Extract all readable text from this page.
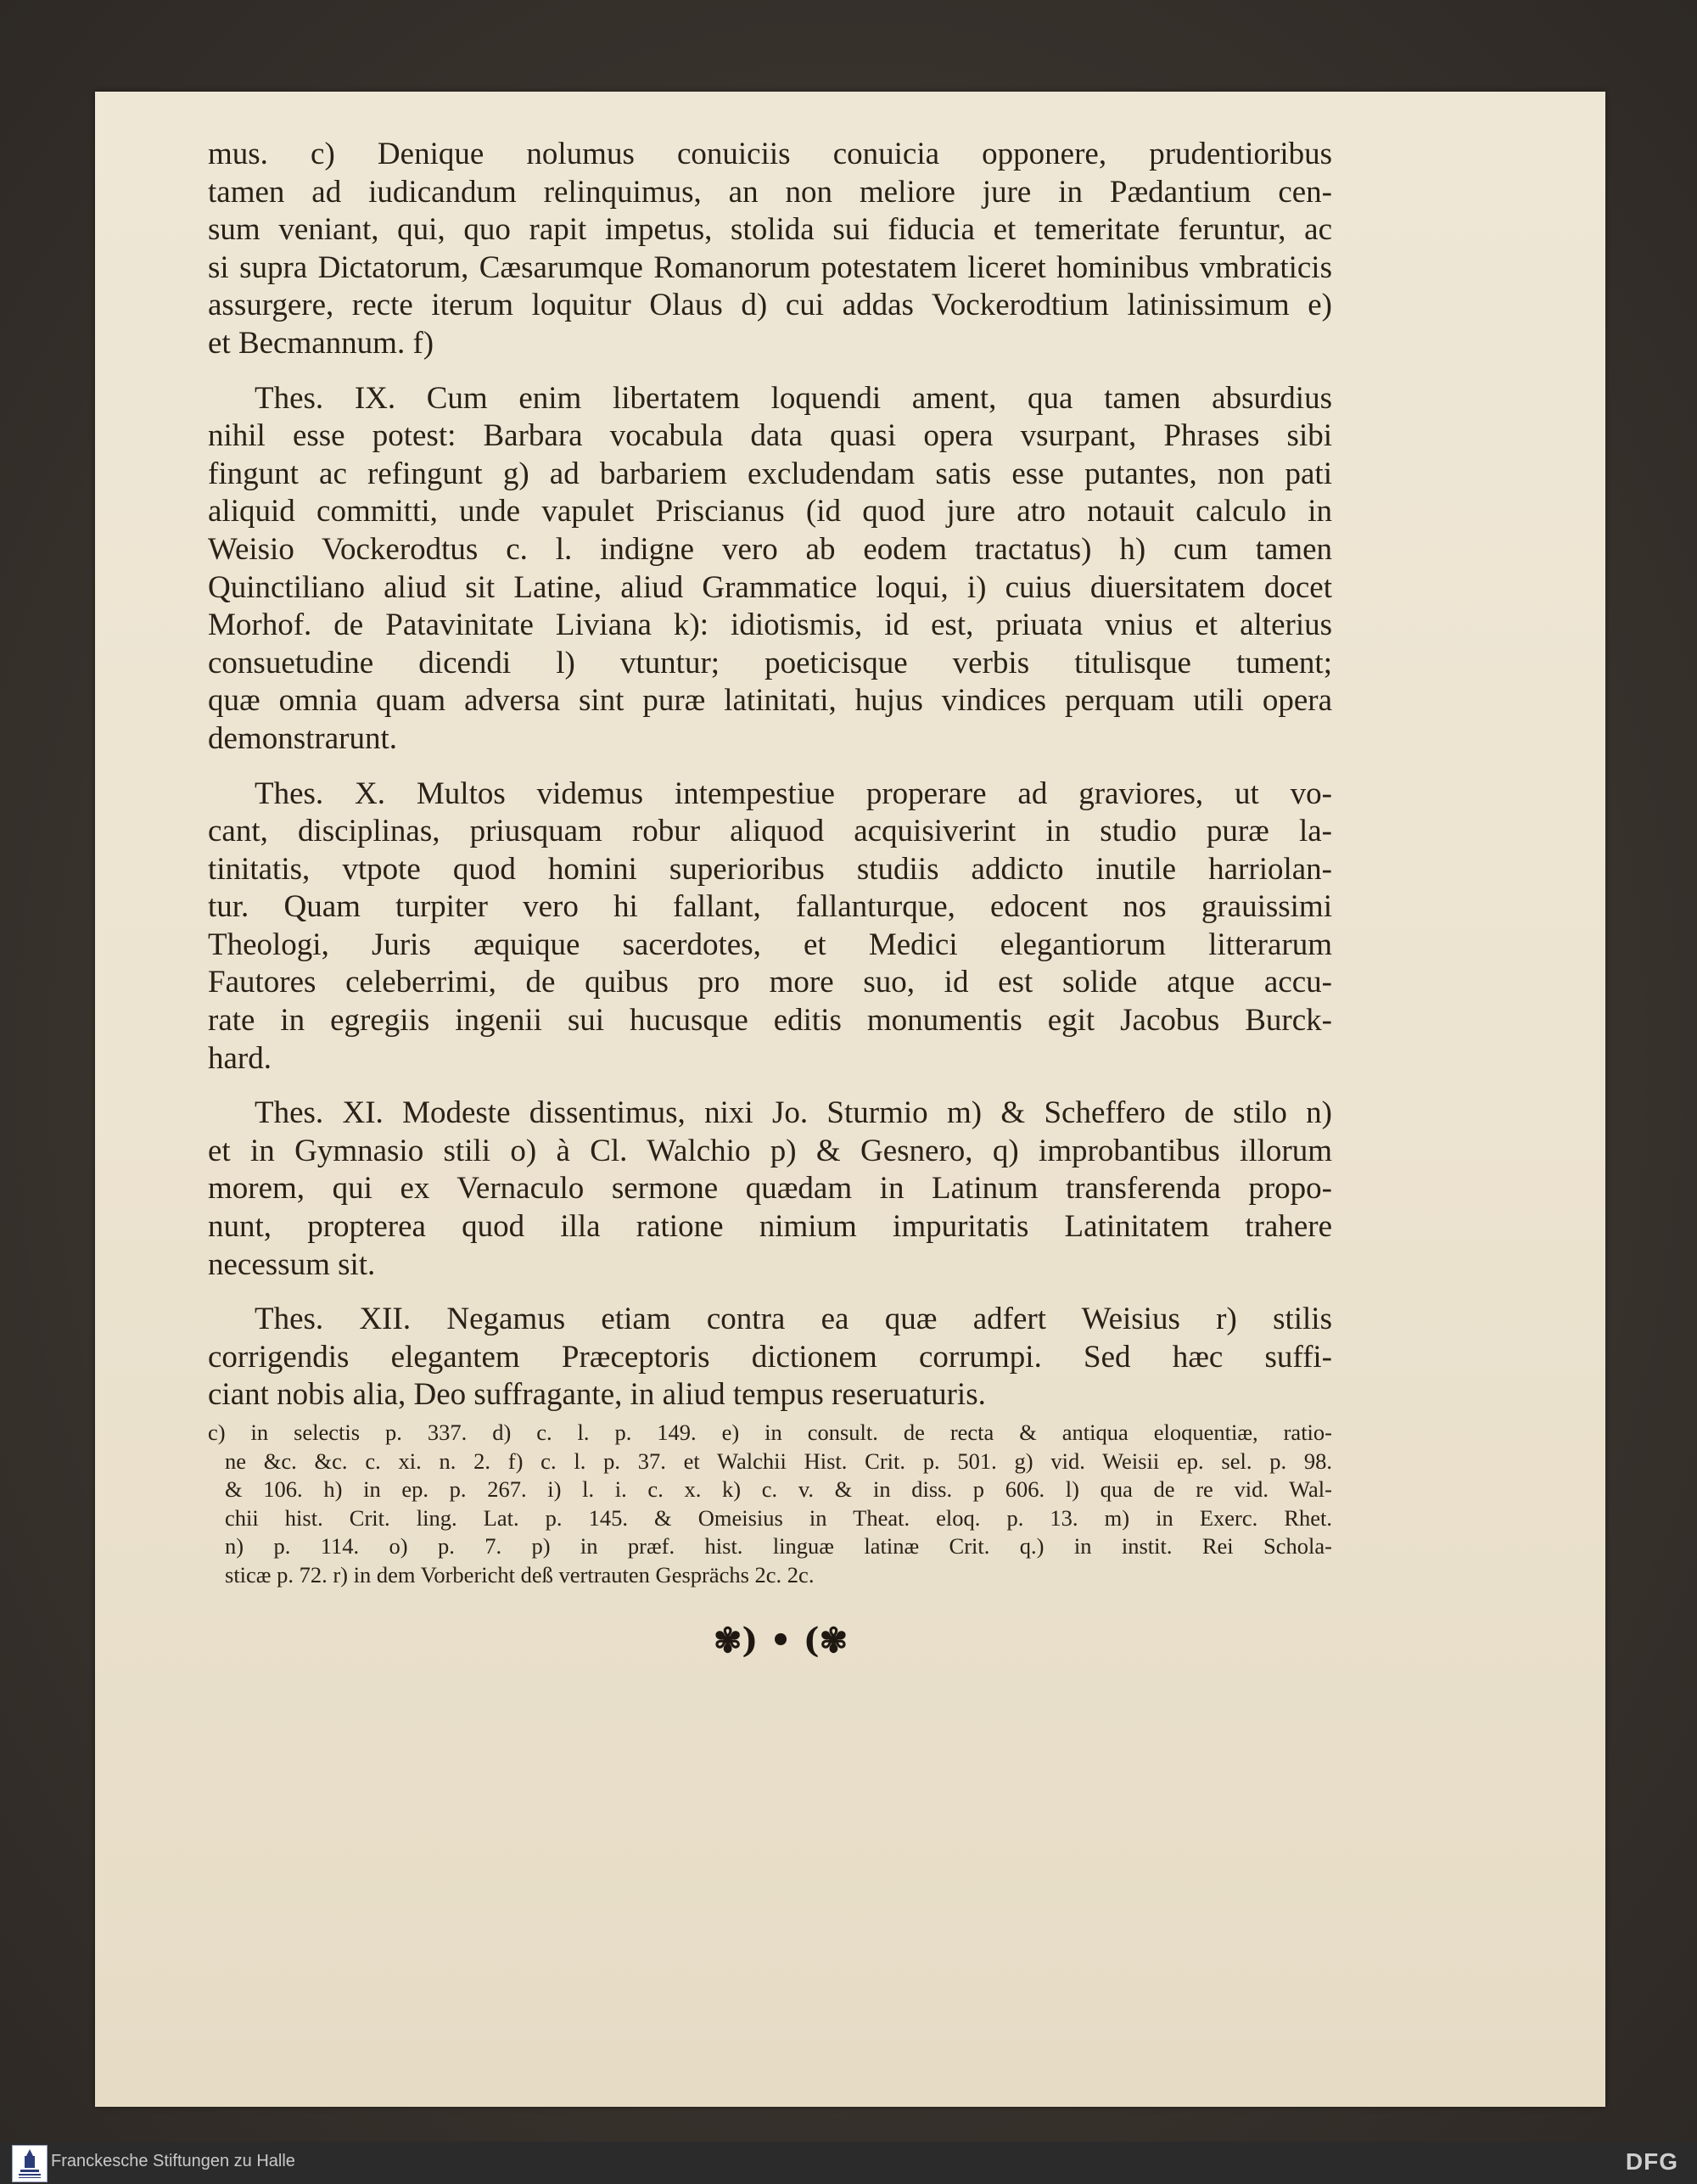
mus. c) Denique nolumus conuiciis conuicia opponere, prudentioribus
tamen ad iudicandum relinquimus, an non meliore jure in Pædantium cen-
sum veniant, qui, quo rapit impetus, stolida sui fiducia et temeritate feruntur, ac
si supra Dictatorum, Cæsarumque Romanorum potestatem liceret hominibus vmbraticis
assurgere, recte iterum loquitur Olaus d) cui addas Vockerodtium latinissimum e)
et Becmannum. f)
Thes. IX. Cum enim libertatem loquendi ament, qua tamen absurdius
nihil esse potest: Barbara vocabula data quasi opera vsurpant, Phrases sibi
fingunt ac refingunt g) ad barbariem excludendam satis esse putantes, non pati
aliquid committi, unde vapulet Priscianus (id quod jure atro notauit calculo in
Weisio Vockerodtus c. l. indigne vero ab eodem tractatus) h) cum tamen
Quinctiliano aliud sit Latine, aliud Grammatice loqui, i) cuius diuersitatem docet
Morhof. de Patavinitate Liviana k): idiotismis, id est, priuata vnius et alterius
consuetudine dicendi l) vtuntur; poeticisque verbis titulisque tument;
quæ omnia quam adversa sint puræ latinitati, hujus vindices perquam utili opera
demonstrarunt.
Thes. X. Multos videmus intempestiue properare ad graviores, ut vo-
cant, disciplinas, priusquam robur aliquod acquisiverint in studio puræ la-
tinitatis, vtpote quod homini superioribus studiis addicto inutile harriolan-
tur. Quam turpiter vero hi fallant, fallanturque, edocent nos grauissimi
Theologi, Juris æquique sacerdotes, et Medici elegantiorum litterarum
Fautores celeberrimi, de quibus pro more suo, id est solide atque accu-
rate in egregiis ingenii sui hucusque editis monumentis egit Jacobus Burck-
hard.
Thes. XI. Modeste dissentimus, nixi Jo. Sturmio m) & Scheffero de stilo n)
et in Gymnasio stili o) à Cl. Walchio p) & Gesnero, q) improbantibus illorum
morem, qui ex Vernaculo sermone quædam in Latinum transferenda propo-
nunt, propterea quod illa ratione nimium impuritatis Latinitatem trahere
necessum sit.
Thes. XII. Negamus etiam contra ea quæ adfert Weisius r) stilis
corrigendis elegantem Præceptoris dictionem corrumpi. Sed hæc suffi-
ciant nobis alia, Deo suffragante, in aliud tempus reseruaturis.
c) in selectis p. 337. d) c. l. p. 149. e) in consult. de recta & antiqua eloquentiæ, ratio-
ne &c. &c. c. xi. n. 2. f) c. l. p. 37. et Walchii Hist. Crit. p. 501. g) vid. Weisii ep. sel. p. 98.
& 106. h) in ep. p. 267. i) l. i. c. x. k) c. v. & in diss. p 606. l) qua de re vid. Wal-
chii hist. Crit. ling. Lat. p. 145. & Omeisius in Theat. eloq. p. 13. m) in Exerc. Rhet.
n) p. 114. o) p. 7. p) in præf. hist. linguæ latinæ Crit. q.) in instit. Rei Schola-
sticæ p. 72. r) in dem Vorbericht deß vertrauten Gesprächs 2c. 2c.
✾) • (✾
Franckesche Stiftungen zu Halle	DFG
